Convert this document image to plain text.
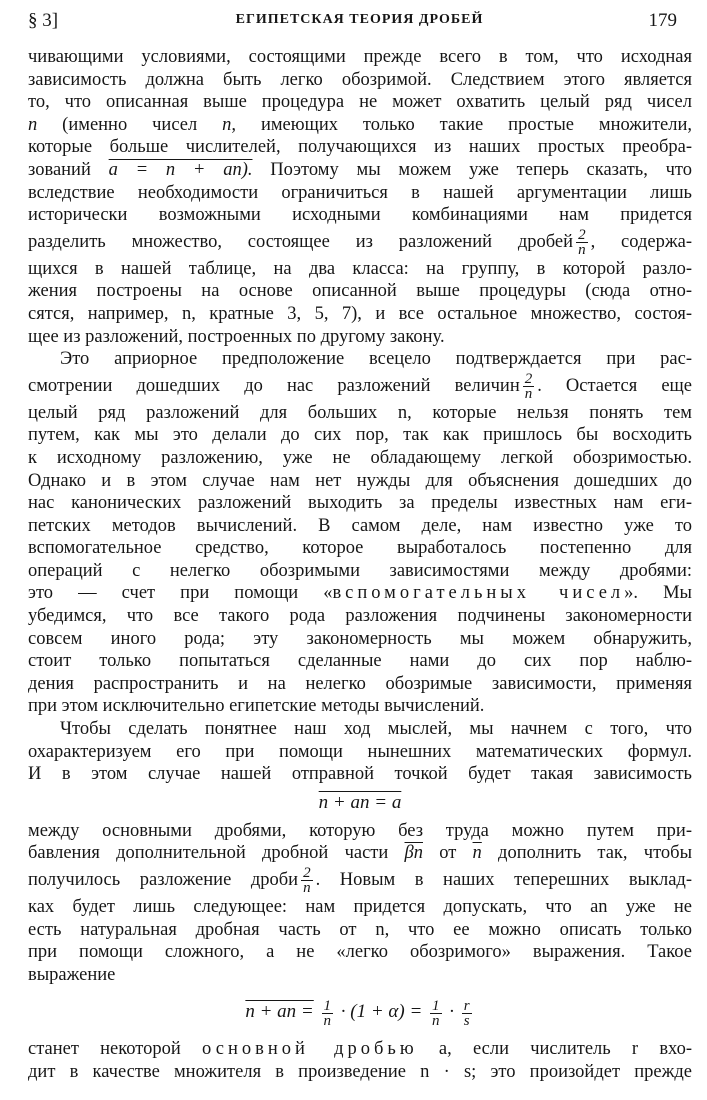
§ 3]	ЕГИПЕТСКАЯ ТЕОРИЯ ДРОБЕЙ	179
чивающими условиями, состоящими прежде всего в том, что исходная
зависимость должна быть легко обозримой. Следствием этого является
то, что описанная выше процедура не может охватить целый ряд чисел
n (именно чисел n, имеющих только такие простые множители,
которые больше числителей, получающихся из наших простых преобра-
зований a = n + an). Поэтому мы можем уже теперь сказать, что
вследствие необходимости ограничиться в нашей аргументации лишь
исторически возможными исходными комбинациями нам придется
разделить множество, состоящее из разложений дробей $\frac{2}{n}$ , содержа-
щихся в нашей таблице, на два класса: на группу, в которой разло-
жения построены на основе описанной выше процедуры (сюда отно-
сятся, например, n, кратные 3, 5, 7), и все остальное множество, состоя-
щее из разложений, построенных по другому закону.
Это априорное предположение всецело подтверждается при рас-
смотрении дошедших до нас разложений величин $\frac{2}{n}$ . Остается еще
целый ряд разложений для больших n, которые нельзя понять тем
путем, как мы это делали до сих пор, так как пришлось бы восходить
к исходному разложению, уже не обладающему легкой обозримостью.
Однако и в этом случае нам нет нужды для объяснения дошедших до
нас канонических разложений выходить за пределы известных нам еги-
петских методов вычислений. В самом деле, нам известно уже то
вспомогательное средство, которое выработалось постепенно для
операций с нелегко обозримыми зависимостями между дробями:
это — счет при помощи «вспомогательных чисел». Мы
убедимся, что все такого рода разложения подчинены закономерности
совсем иного рода; эту закономерность мы можем обнаружить,
стоит только попытаться сделанные нами до сих пор наблю-
дения распространить и на нелегко обозримые зависимости, применяя
при этом исключительно египетские методы вычислений.
Чтобы сделать понятнее наш ход мыслей, мы начнем с того, что
охарактеризуем его при помощи нынешних математических формул.
И в этом случае нашей отправной точкой будет такая зависимость
n + an = a
между основными дробями, которую без труда можно путем при-
бавления дополнительной дробной части $\overline{\beta n}$ от $\overline{n}$ дополнить так, чтобы
получилось разложение дроби $\frac{2}{n}$ . Новым в наших теперешних выклад-
ках будет лишь следующее: нам придется допускать, что an уже не
есть натуральная дробная часть от n, что ее можно описать только
при помощи сложного, а не «легко обозримого» выражения. Такое
выражение
n + an = $\frac{1}{n} \cdot (1 + \alpha) = \frac{1}{n} \cdot \frac{r}{s}$
станет некоторой основной дробью a, если числитель r вхо-
дит в качестве множителя в произведение n · s; это произойдет прежде
